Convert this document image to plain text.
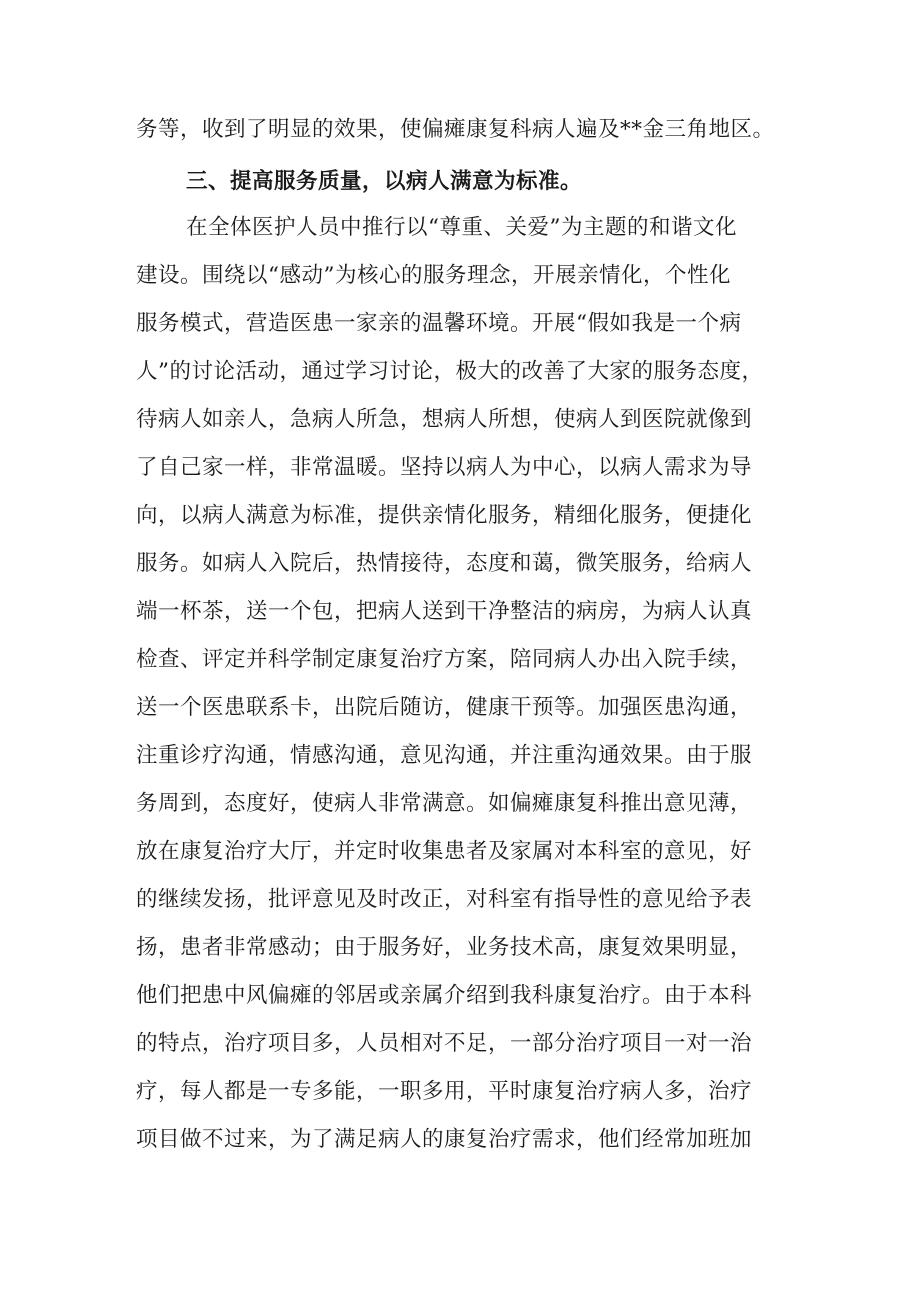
务等，收到了明显的效果，使偏瘫康复科病人遍及**金三角地区。
三、提高服务质量，以病人满意为标准。
在全体医护人员中推行以“尊重、关爱”为主题的和谐文化
建设。围绕以“感动”为核心的服务理念，开展亲情化，个性化
服务模式，营造医患一家亲的温馨环境。开展“假如我是一个病
人”的讨论活动，通过学习讨论，极大的改善了大家的服务态度，
待病人如亲人，急病人所急，想病人所想，使病人到医院就像到
了自己家一样，非常温暖。坚持以病人为中心，以病人需求为导
向，以病人满意为标准，提供亲情化服务，精细化服务，便捷化
服务。如病人入院后，热情接待，态度和蔼，微笑服务，给病人
端一杯茶，送一个包，把病人送到干净整洁的病房，为病人认真
检查、评定并科学制定康复治疗方案，陪同病人办出入院手续，
送一个医患联系卡，出院后随访，健康干预等。加强医患沟通，
注重诊疗沟通，情感沟通，意见沟通，并注重沟通效果。由于服
务周到，态度好，使病人非常满意。如偏瘫康复科推出意见薄，
放在康复治疗大厅，并定时收集患者及家属对本科室的意见，好
的继续发扬，批评意见及时改正，对科室有指导性的意见给予表
扬，患者非常感动；由于服务好，业务技术高，康复效果明显，
他们把患中风偏瘫的邻居或亲属介绍到我科康复治疗。由于本科
的特点，治疗项目多，人员相对不足，一部分治疗项目一对一治
疗，每人都是一专多能，一职多用，平时康复治疗病人多，治疗
项目做不过来，为了满足病人的康复治疗需求，他们经常加班加
